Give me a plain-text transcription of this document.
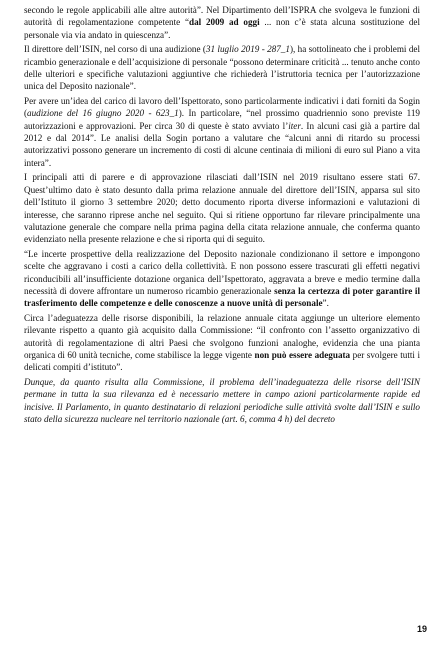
secondo le regole applicabili alle altre autorità”. Nel Dipartimento dell’ISPRA che svolgeva le funzioni di autorità di regolamentazione competente “dal 2009 ad oggi ... non c’è stata alcuna sostituzione del personale via via andato in quiescenza”.

Il direttore dell’ISIN, nel corso di una audizione (31 luglio 2019 - 287_1), ha sottolineato che i problemi del ricambio generazionale e dell’acquisizione di personale “possono determinare criticità ... tenuto anche conto delle ulteriori e specifiche valutazioni aggiuntive che richiederà l’istruttoria tecnica per l’autorizzazione unica del Deposito nazionale”.

Per avere un’idea del carico di lavoro dell’Ispettorato, sono particolarmente indicativi i dati forniti da Sogin (audizione del 16 giugno 2020 - 623_1). In particolare, “nel prossimo quadriennio sono previste 119 autorizzazioni e approvazioni. Per circa 30 di queste è stato avviato l’iter. In alcuni casi già a partire dal 2012 e dal 2014”. Le analisi della Sogin portano a valutare che “alcuni anni di ritardo su processi autorizzativi possono generare un incremento di costi di alcune centinaia di milioni di euro sul Piano a vita intera”.

I principali atti di parere e di approvazione rilasciati dall’ISIN nel 2019 risultano essere stati 67. Quest’ultimo dato è stato desunto dalla prima relazione annuale del direttore dell’ISIN, apparsa sul sito dell’Istituto il giorno 3 settembre 2020; detto documento riporta diverse informazioni e valutazioni di interesse, che saranno riprese anche nel seguito. Qui si ritiene opportuno far rilevare principalmente una valutazione generale che compare nella prima pagina della citata relazione annuale, che conferma quanto evidenziato nella presente relazione e che si riporta qui di seguito.

“Le incerte prospettive della realizzazione del Deposito nazionale condizionano il settore e impongono scelte che aggravano i costi a carico della collettività. E non possono essere trascurati gli effetti negativi riconducibili all’insufficiente dotazione organica dell’Ispettorato, aggravata a breve e medio termine dalla necessità di dovere affrontare un numeroso ricambio generazionale senza la certezza di poter garantire il trasferimento delle competenze e delle conoscenze a nuove unità di personale”.

Circa l’adeguatezza delle risorse disponibili, la relazione annuale citata aggiunge un ulteriore elemento rilevante rispetto a quanto già acquisito dalla Commissione: “il confronto con l’assetto organizzativo di autorità di regolamentazione di altri Paesi che svolgono funzioni analoghe, evidenzia che una pianta organica di 60 unità tecniche, come stabilisce la legge vigente non può essere adeguata per svolgere tutti i delicati compiti d’istituto”.

Dunque, da quanto risulta alla Commissione, il problema dell’inadeguatezza delle risorse dell’ISIN permane in tutta la sua rilevanza ed è necessario mettere in campo azioni particolarmente rapide ed incisive. Il Parlamento, in quanto destinatario di relazioni periodiche sulle attività svolte dall’ISIN e sullo stato della sicurezza nucleare nel territorio nazionale (art. 6, comma 4 h) del decreto

19
